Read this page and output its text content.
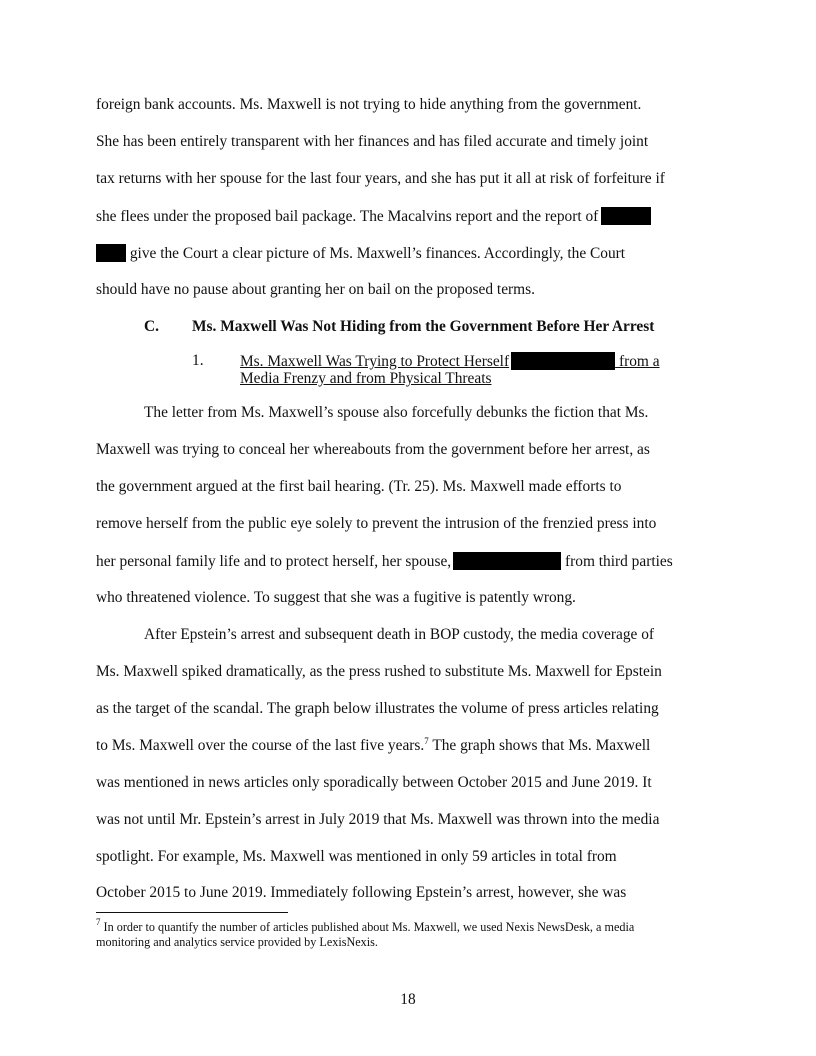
foreign bank accounts. Ms. Maxwell is not trying to hide anything from the government.
She has been entirely transparent with her finances and has filed accurate and timely joint
tax returns with her spouse for the last four years, and she has put it all at risk of forfeiture if
she flees under the proposed bail package. The Macalvins report and the report of
give the Court a clear picture of Ms. Maxwell’s finances. Accordingly, the Court
should have no pause about granting her on bail on the proposed terms.
C. Ms. Maxwell Was Not Hiding from the Government Before Her Arrest
1. Ms. Maxwell Was Trying to Protect Herself	from a
Media Frenzy and from Physical Threats
The letter from Ms. Maxwell’s spouse also forcefully debunks the fiction that Ms.
Maxwell was trying to conceal her whereabouts from the government before her arrest, as
the government argued at the first bail hearing. (Tr. 25). Ms. Maxwell made efforts to
remove herself from the public eye solely to prevent the intrusion of the frenzied press into
her personal family life and to protect herself, her spouse,	from third parties
who threatened violence. To suggest that she was a fugitive is patently wrong.
After Epstein’s arrest and subsequent death in BOP custody, the media coverage of
Ms. Maxwell spiked dramatically, as the press rushed to substitute Ms. Maxwell for Epstein
as the target of the scandal. The graph below illustrates the volume of press articles relating
to Ms. Maxwell over the course of the last five years.$^7$ The graph shows that Ms. Maxwell
was mentioned in news articles only sporadically between October 2015 and June 2019. It
was not until Mr. Epstein’s arrest in July 2019 that Ms. Maxwell was thrown into the media
spotlight. For example, Ms. Maxwell was mentioned in only 59 articles in total from
October 2015 to June 2019. Immediately following Epstein’s arrest, however, she was
$^7$ In order to quantify the number of articles published about Ms. Maxwell, we used Nexis NewsDesk, a media
monitoring and analytics service provided by LexisNexis.
18
